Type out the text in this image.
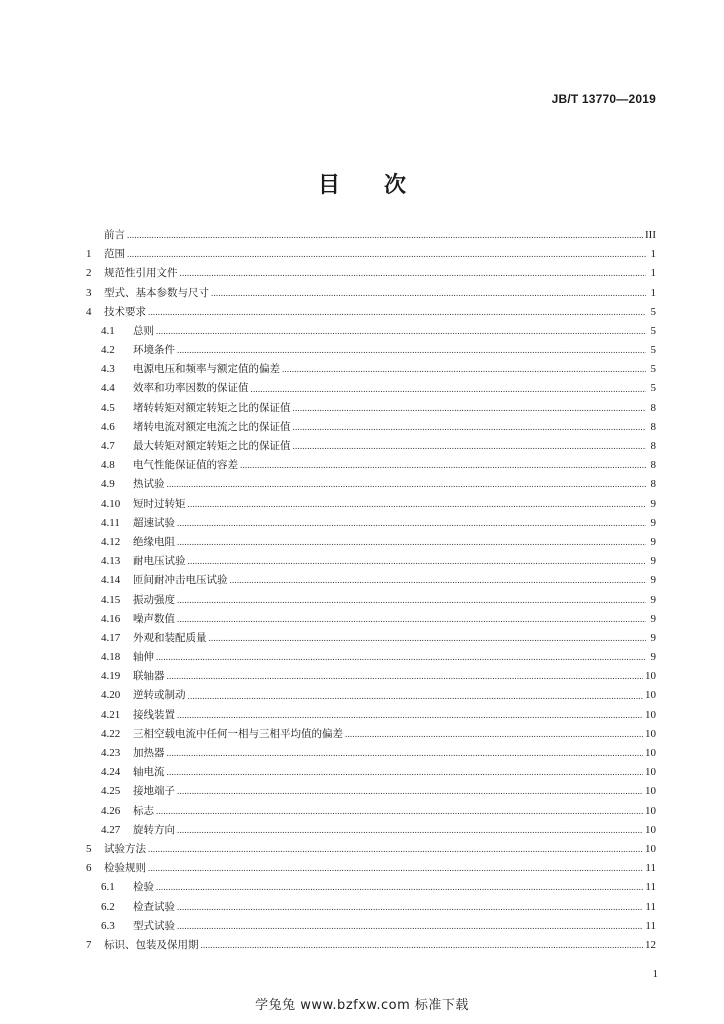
JB/T 13770—2019
目 次
前言 .....	III
1	范围 .....	1
2	规范性引用文件 .....	1
3	型式、基本参数与尺寸 .....	1
4	技术要求 .....	5
4.1	总则 .....	5
4.2	环境条件 .....	5
4.3	电源电压和频率与额定值的偏差 .....	5
4.4	效率和功率因数的保证值 .....	5
4.5	堵转转矩对额定转矩之比的保证值 .....	8
4.6	堵转电流对额定电流之比的保证值 .....	8
4.7	最大转矩对额定转矩之比的保证值 .....	8
4.8	电气性能保证值的容差 .....	8
4.9	热试验 .....	8
4.10	短时过转矩 .....	9
4.11	超速试验 .....	9
4.12	绝缘电阻 .....	9
4.13	耐电压试验 .....	9
4.14	匝间耐冲击电压试验 .....	9
4.15	振动强度 .....	9
4.16	噪声数值 .....	9
4.17	外观和装配质量 .....	9
4.18	轴伸 .....	9
4.19	联轴器 .....	10
4.20	逆转或制动 .....	10
4.21	接线装置 .....	10
4.22	三相空载电流中任何一相与三相平均值的偏差 .....	10
4.23	加热器 .....	10
4.24	轴电流 .....	10
4.25	接地端子 .....	10
4.26	标志 .....	10
4.27	旋转方向 .....	10
5	试验方法 .....	10
6	检验规则 .....	11
6.1	检验 .....	11
6.2	检查试验 .....	11
6.3	型式试验 .....	11
7	标识、包装及保用期 .....	12
1
学兔兔 www.bzfxw.com 标准下载
